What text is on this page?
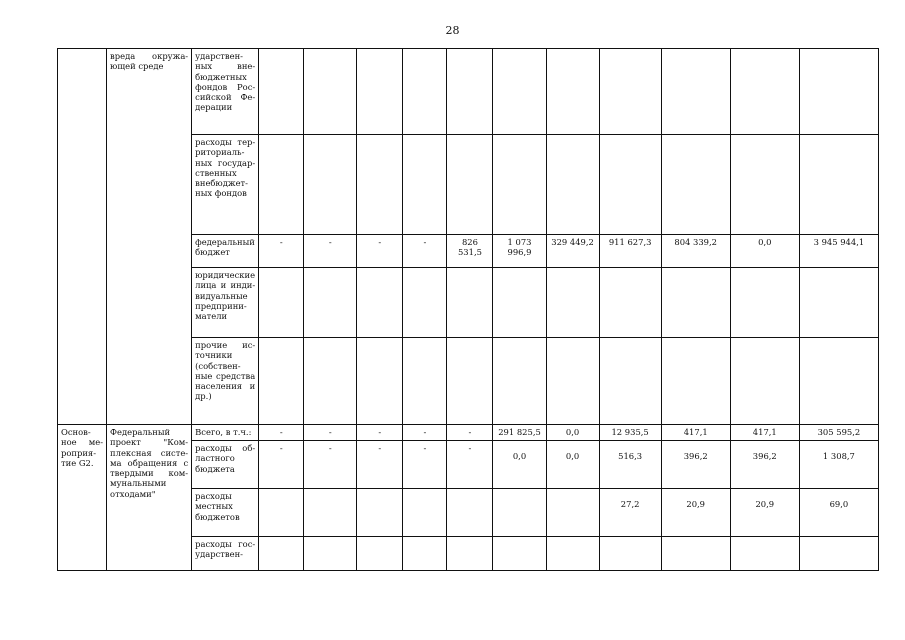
28
	вреда окружа-ющей среде	ударствен-ных вне-бюджетных фондов Рос-сийской Фе-дерации											
		расходы тер-риториаль-ных государ-ственных внебюджет-ных фондов											
		федеральный бюджет	-	-	-	-	826 531,5	1 073 996,9	329 449,2	911 627,3	804 339,2	0,0	3 945 944,1
		юридические лица и инди-видуальные предприни-матели											
		прочие ис-точники (собствен-ные средства населения и др.)											
Основ-ное ме-роприя-тие G2.	Федеральный проект "Ком-плексная систе-ма обращения с твердыми ком-мунальными отходами"	Всего, в т.ч.:	-	-	-	-	-	291 825,5	0,0	12 935,5	417,1	417,1	305 595,2
		расходы об-ластного бюджета	-	-	-	-	-	0,0	0,0	516,3	396,2	396,2	1 308,7
		расходы местных бюджетов								27,2	20,9	20,9	69,0
		расходы гос-ударствен-											
